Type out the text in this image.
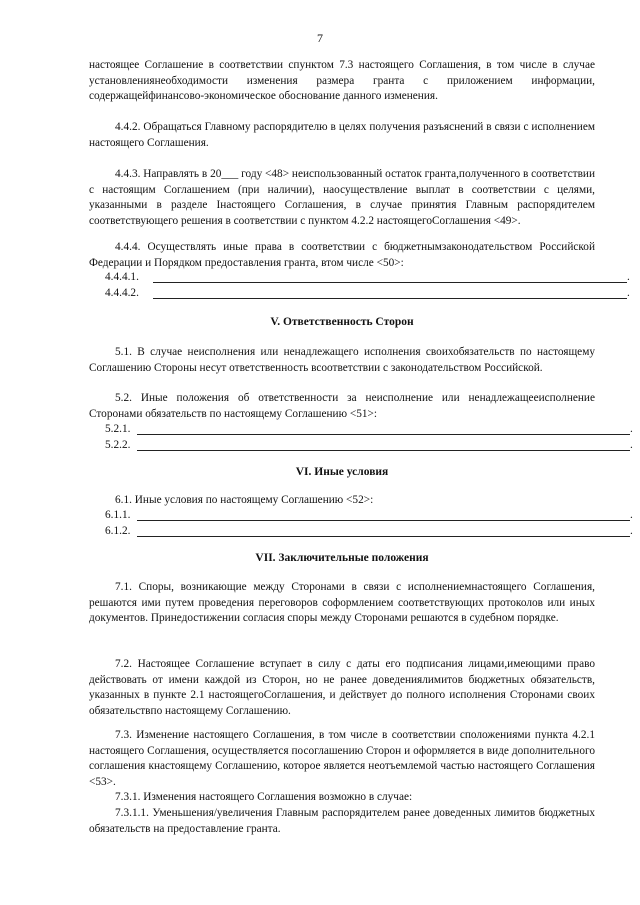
7
настоящее Соглашение в соответствии спунктом 7.3 настоящего Соглашения, в том числе в случае установлениянеобходимости изменения размера гранта с приложением информации, содержащейфинансово-экономическое обоснование данного изменения.
4.4.2. Обращаться Главному распорядителю в целях получения разъяснений в связи с исполнением настоящего Соглашения.
4.4.3. Направлять в 20___ году <48> неиспользованный остаток гранта,полученного в соответствии с настоящим Соглашением (при наличии), наосуществление выплат в соответствии с целями, указанными в разделе Iнастоящего Соглашения, в случае принятия Главным распорядителем соответствующего решения в соответствии с пунктом 4.2.2 настоящегоСоглашения <49>.
4.4.4. Осуществлять иные права в соответствии с бюджетнымзаконодательством Российской Федерации и Порядком предоставления гранта, втом числе <50>:
4.4.4.1.	.
4.4.4.2.	.
V. Ответственность Сторон
5.1. В случае неисполнения или ненадлежащего исполнения своихобязательств по настоящему Соглашению Стороны несут ответственность всоответствии с законодательством Российской.
5.2. Иные положения об ответственности за неисполнение или ненадлежащееисполнение Сторонами обязательств по настоящему Соглашению <51>:
5.2.1.	.
5.2.2.	.
VI. Иные условия
6.1. Иные условия по настоящему Соглашению <52>:
6.1.1.	.
6.1.2.	.
VII. Заключительные положения
7.1. Споры, возникающие между Сторонами в связи с исполнениемнастоящего Соглашения, решаются ими путем проведения переговоров соформлением соответствующих протоколов или иных документов. Принедостижении согласия споры между Сторонами решаются в судебном порядке.
7.2. Настоящее Соглашение вступает в силу с даты его подписания лицами,имеющими право действовать от имени каждой из Сторон, но не ранее доведениялимитов бюджетных обязательств, указанных в пункте 2.1 настоящегоСоглашения, и действует до полного исполнения Сторонами своих обязательствпо настоящему Соглашению.
7.3. Изменение настоящего Соглашения, в том числе в соответствии сположениями пункта 4.2.1 настоящего Соглашения, осуществляется посоглашению Сторон и оформляется в виде дополнительного соглашения кнастоящему Соглашению, которое является неотъемлемой частью настоящего Соглашения <53>.
7.3.1. Изменения настоящего Соглашения возможно в случае:
7.3.1.1. Уменьшения/увеличения Главным распорядителем ранее доведенных лимитов бюджетных обязательств на предоставление гранта.
